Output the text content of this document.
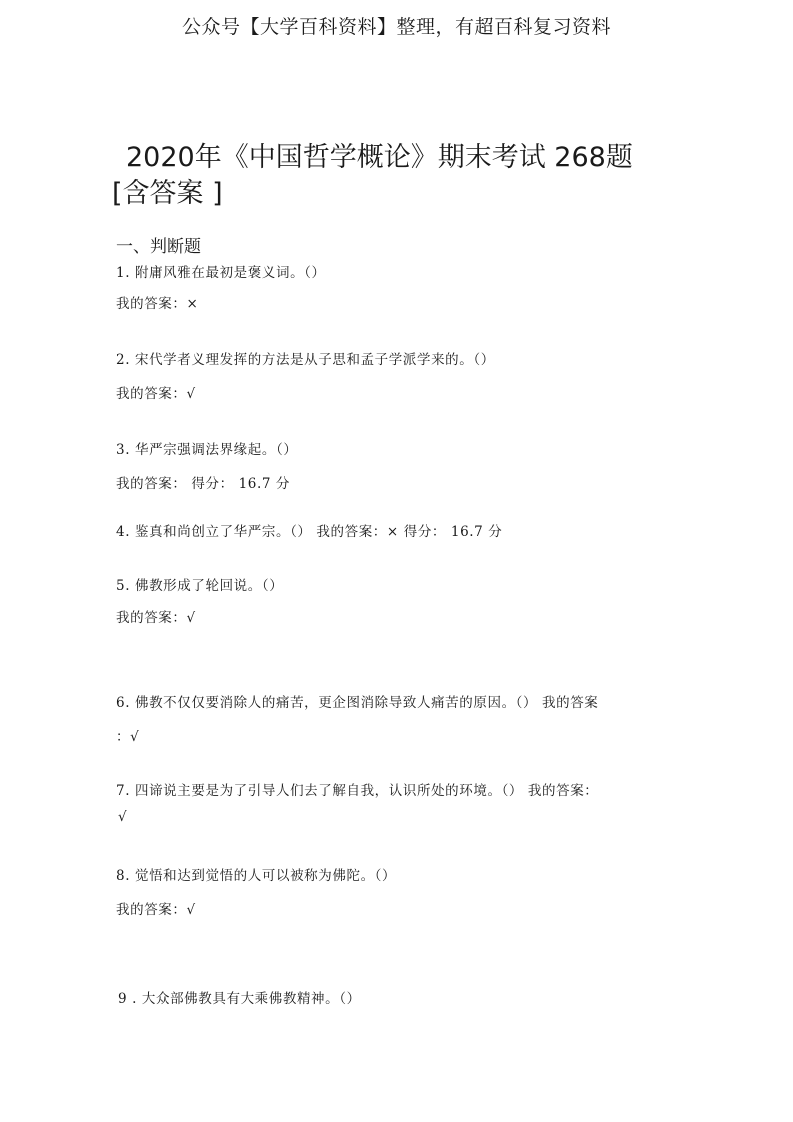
公众号【大学百科资料】整理，有超百科复习资料
2020年《中国哲学概论》期末考试 268题
[含答案 ]
一、判断题
1. 附庸风雅在最初是褒义词。（）
我的答案：×
2. 宋代学者义理发挥的方法是从子思和孟子学派学来的。（）
我的答案：√
3. 华严宗强调法界缘起。（）
我的答案： 得分： 16.7 分
4. 鉴真和尚创立了华严宗。（） 我的答案：× 得分： 16.7 分
5. 佛教形成了轮回说。（）
我的答案：√
6. 佛教不仅仅要消除人的痛苦，更企图消除导致人痛苦的原因。（） 我的答案
：√
7. 四谛说主要是为了引导人们去了解自我，认识所处的环境。（） 我的答案：
√
8. 觉悟和达到觉悟的人可以被称为佛陀。（）
我的答案：√
9 . 大众部佛教具有大乘佛教精神。（）
